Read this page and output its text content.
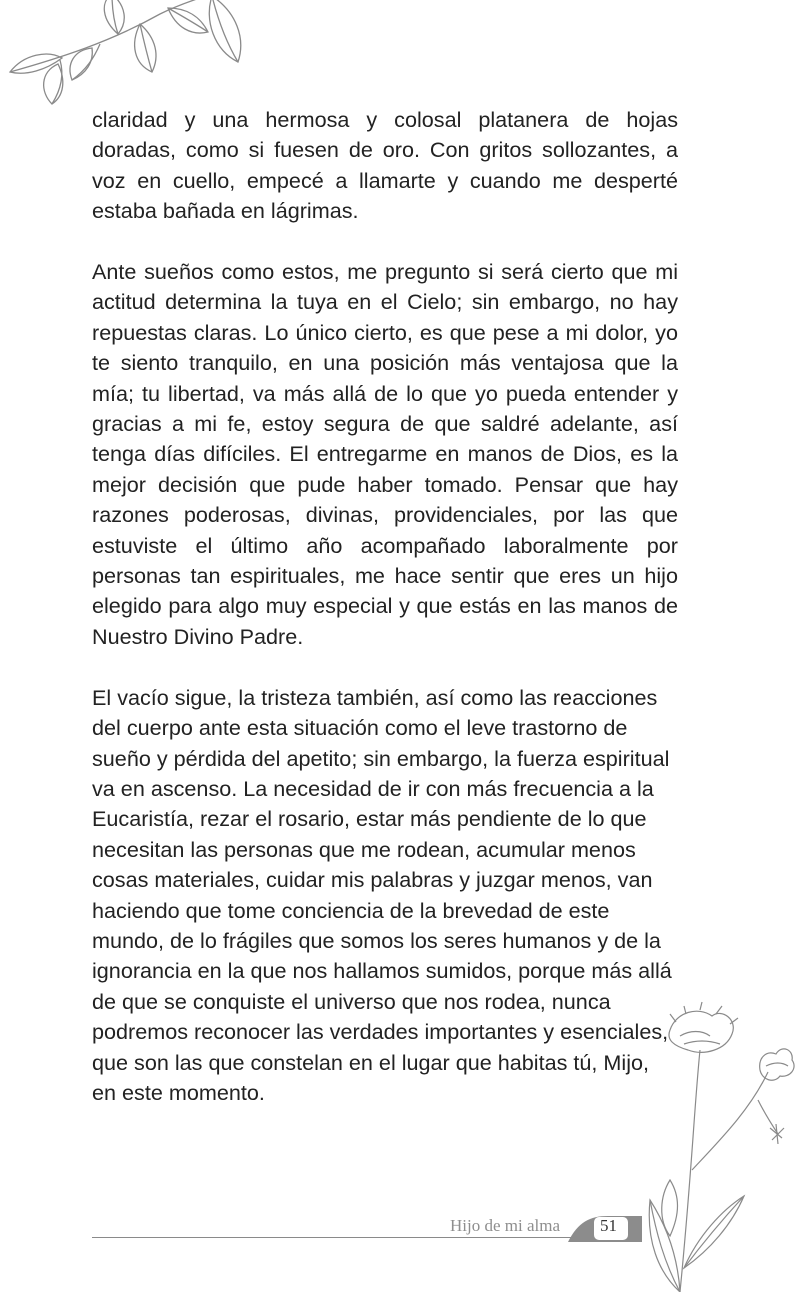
claridad y una hermosa y colosal platanera de hojas doradas, como si fuesen de oro. Con gritos sollozantes, a voz en cuello, empecé a llamarte y cuando me desperté estaba bañada en lágrimas.

Ante sueños como estos, me pregunto si será cierto que mi actitud determina la tuya en el Cielo; sin embargo, no hay repuestas claras. Lo único cierto, es que pese a mi dolor, yo te siento tranquilo, en una posición más ventajosa que la mía; tu libertad, va más allá de lo que yo pueda entender y gracias a mi fe, estoy segura de que saldré adelante, así tenga días difíciles. El entregarme en manos de Dios, es la mejor decisión que pude haber tomado. Pensar que hay razones poderosas, divinas, providenciales, por las que estuviste el último año acompañado laboralmente por personas tan espirituales, me hace sentir que eres un hijo elegido para algo muy especial y que estás en las manos de Nuestro Divino Padre.

El vacío sigue, la tristeza también, así como las reacciones del cuerpo ante esta situación como el leve trastorno de sueño y pérdida del apetito; sin embargo, la fuerza espiritual va en ascenso. La necesidad de ir con más frecuencia a la Eucaristía, rezar el rosario, estar más pendiente de lo que necesitan las personas que me rodean, acumular menos cosas materiales, cuidar mis palabras y juzgar menos, van haciendo que tome conciencia de la brevedad de este mundo, de lo frágiles que somos los seres humanos y de la ignorancia en la que nos hallamos sumidos, porque más allá de que se conquiste el universo que nos rodea, nunca podremos reconocer las verdades importantes y esenciales, que son las que constelan en el lugar que habitas tú, Mijo, en este momento.

Hijo de mi alma 51
